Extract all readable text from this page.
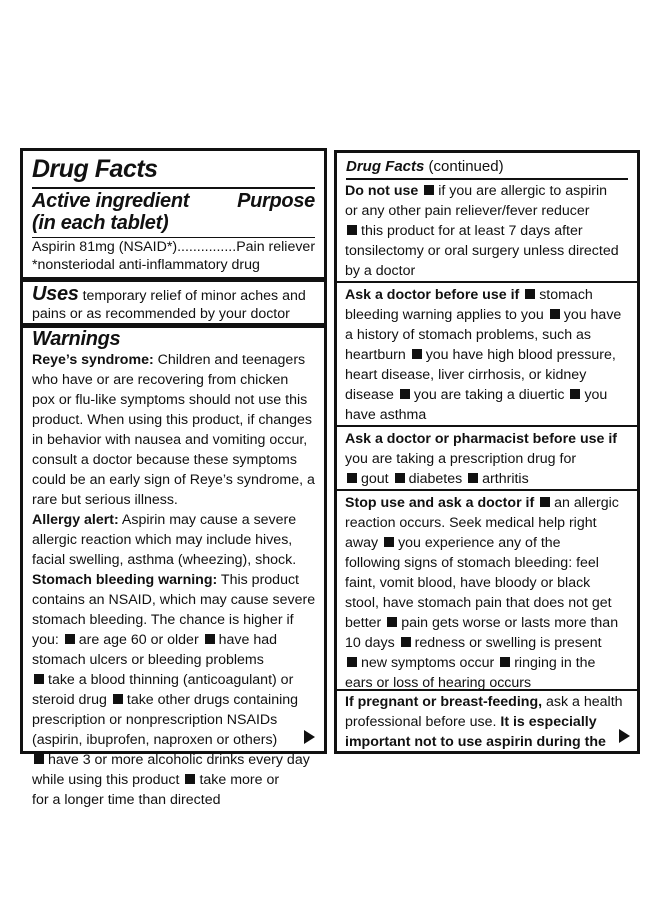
Drug Facts
Active ingredient Purpose
(in each tablet)
Aspirin 81mg (NSAID*)...............Pain reliever
*nonsteriodal anti-inflammatory drug
Uses temporary relief of minor aches and
pains or as recommended by your doctor
Warnings
Reye’s syndrome: Children and teenagers
who have or are recovering from chicken
pox or flu-like symptoms should not use this
product. When using this product, if changes
in behavior with nausea and vomiting occur,
consult a doctor because these symptoms
could be an early sign of Reye’s syndrome, a
rare but serious illness.
Allergy alert: Aspirin may cause a severe
allergic reaction which may include hives,
facial swelling, asthma (wheezing), shock.
Stomach bleeding warning: This product
contains an NSAID, which may cause severe
stomach bleeding. The chance is higher if
you: are age 60 or older have had
stomach ulcers or bleeding problems
take a blood thinning (anticoagulant) or
steroid drug take other drugs containing
prescription or nonprescription NSAIDs
(aspirin, ibuprofen, naproxen or others)
have 3 or more alcoholic drinks every day
while using this product take more or
for a longer time than directed
Drug Facts (continued)
Do not use if you are allergic to aspirin
or any other pain reliever/fever reducer
this product for at least 7 days after
tonsilectomy or oral surgery unless directed
by a doctor
Ask a doctor before use if stomach
bleeding warning applies to you you have
a history of stomach problems, such as
heartburn you have high blood pressure,
heart disease, liver cirrhosis, or kidney
disease you are taking a diuertic you
have asthma
Ask a doctor or pharmacist before use if
you are taking a prescription drug for
gout diabetes arthritis
Stop use and ask a doctor if an allergic
reaction occurs. Seek medical help right
away you experience any of the
following signs of stomach bleeding: feel
faint, vomit blood, have bloody or black
stool, have stomach pain that does not get
better pain gets worse or lasts more than
10 days redness or swelling is present
new symptoms occur ringing in the
ears or loss of hearing occurs
If pregnant or breast-feeding, ask a health
professional before use. It is especially
important not to use aspirin during the
